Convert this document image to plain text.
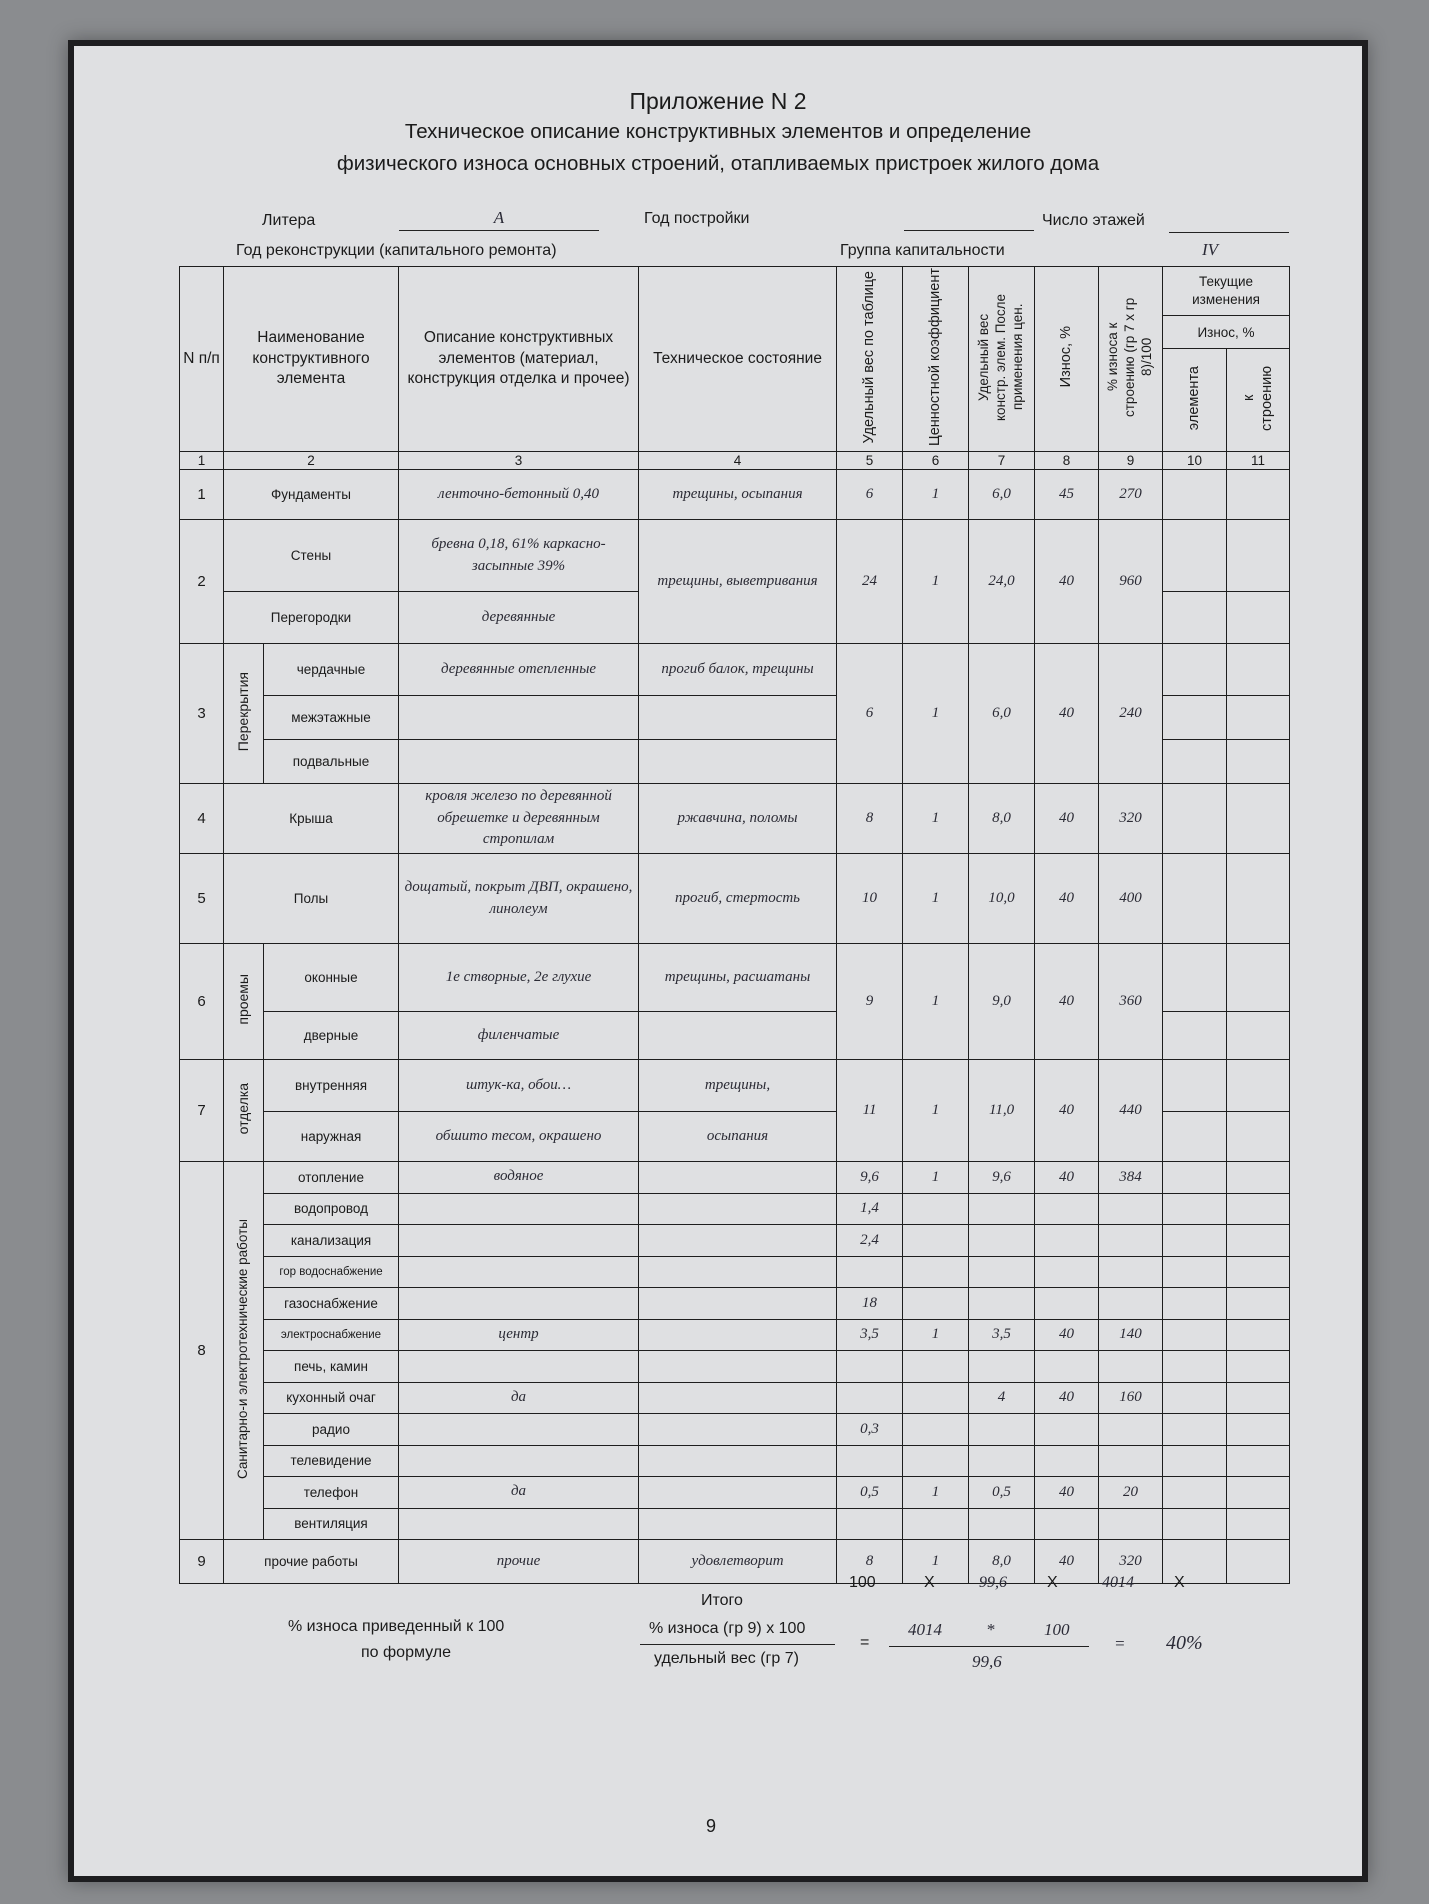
Приложение N 2
Техническое описание конструктивных элементов и определение
физического износа основных строений, отапливаемых пристроек жилого дома
Литера	А	Год постройки	Число этажей
Год реконструкции (капитального ремонта)	Группа капитальности	IV
N п/п	Наименование конструктивного элемента		Описание конструктивных элементов (материал, конструкция отделка и прочее)	Техническое состояние	Удельный вес по таблице	Ценностной коэффициент	Удельный вес констр. элем. После применения цен.	Износ, %	% износа к строению (гр 7 х гр 8)/100	Текущие изменения	
										Износ, %	
										элемента	к строению
1	2		3	4	5	6	7	8	9	10	11
1	Фундаменты		ленточно-бетонный 0,40	трещины, осыпания	6	1	6,0	45	270		
2	Стены		бревна 0,18, 61% каркасно-засыпные 39%	трещины, выветривания	24	1	24,0	40	960		
	Перегородки		деревянные								
3	Перекрытия	чердачные	деревянные отепленные	прогиб балок, трещины	6	1	6,0	40	240		
		межэтажные									
		подвальные									
4	Крыша		кровля железо по деревянной обрешетке и деревянным стропилам	ржавчина, поломы	8	1	8,0	40	320		
5	Полы		дощатый, покрыт ДВП, окрашено, линолеум	прогиб, стертость	10	1	10,0	40	400		
6	проемы	оконные	1е створные, 2е глухие	трещины, расшатаны	9	1	9,0	40	360		
		дверные	филенчатые								
7	отделка	внутренняя	штук-ка, обои…	трещины,	11	1	11,0	40	440		
		наружная	обшито тесом, окрашено	осыпания							
8	Санитарно-и электротехнические работы	отопление	водяное		9,6	1	9,6	40	384		
		водопровод			1,4						
		канализация			2,4						
		гор водоснабжение									
		газоснабжение			18						
		электроснабжение	центр		3,5	1	3,5	40	140		
		печь, камин									
		кухонный очаг	да				4	40	160		
		радио			0,3						
		телевидение									
		телефон	да		0,5	1	0,5	40	20		
		вентиляция									
9	прочие работы		прочие	удовлетворит	8	1	8,0	40	320		
100	X	99,6	X	4014	X
Итого
% износа приведенный к 100
по формуле
% износа (гр 9) х 100
удельный вес (гр 7)
=
4014	*	100
99,6
= 40%
9
